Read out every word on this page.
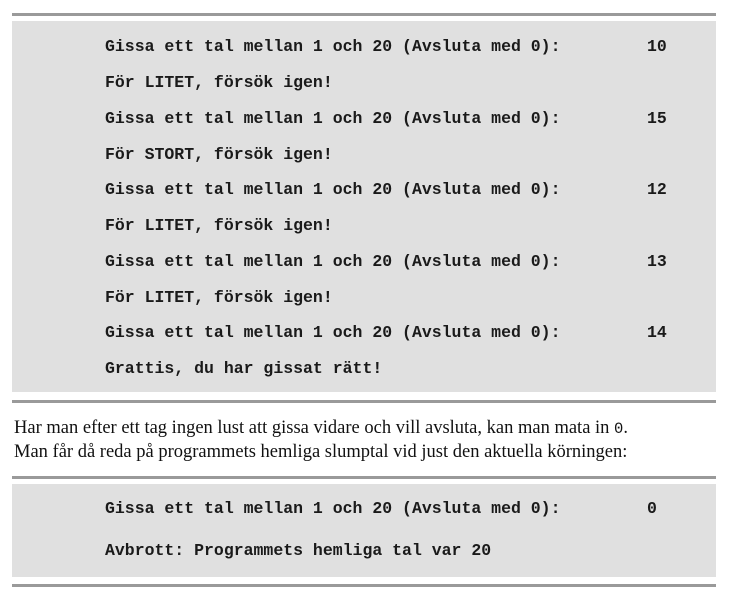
Gissa ett tal mellan 1 och 20 (Avsluta med 0):	10
För LITET, försök igen!
Gissa ett tal mellan 1 och 20 (Avsluta med 0):	15
För STORT, försök igen!
Gissa ett tal mellan 1 och 20 (Avsluta med 0):	12
För LITET, försök igen!
Gissa ett tal mellan 1 och 20 (Avsluta med 0):	13
För LITET, försök igen!
Gissa ett tal mellan 1 och 20 (Avsluta med 0):	14
Grattis, du har gissat rätt!

Har man efter ett tag ingen lust att gissa vidare och vill avsluta, kan man mata in 0.

Man får då reda på programmets hemliga slumptal vid just den aktuella körningen:

Gissa ett tal mellan 1 och 20 (Avsluta med 0):	0
Avbrott: Programmets hemliga tal var 20
